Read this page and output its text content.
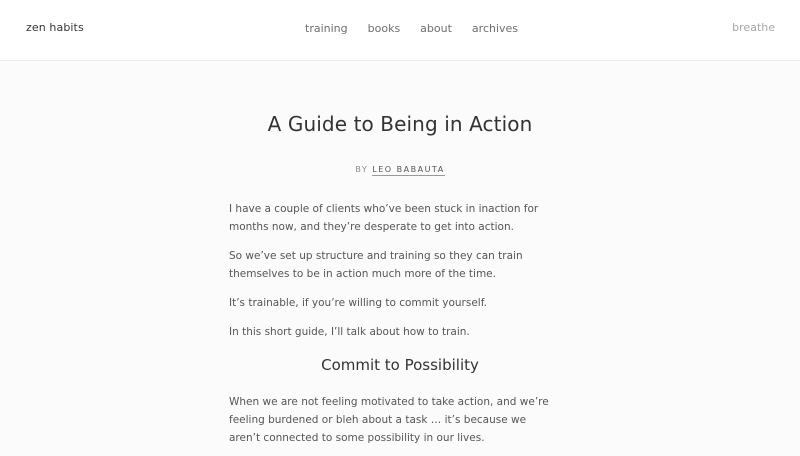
zen habits	training books about archives	breathe
A Guide to Being in Action
BY LEO BABAUTA

I have a couple of clients who’ve been stuck in inaction for months now, and they’re desperate to get into action.

So we’ve set up structure and training so they can train themselves to be in action much more of the time.

It’s trainable, if you’re willing to commit yourself.

In this short guide, I’ll talk about how to train.

Commit to Possibility

When we are not feeling motivated to take action, and we’re feeling burdened or bleh about a task … it’s because we aren’t connected to some possibility in our lives.
